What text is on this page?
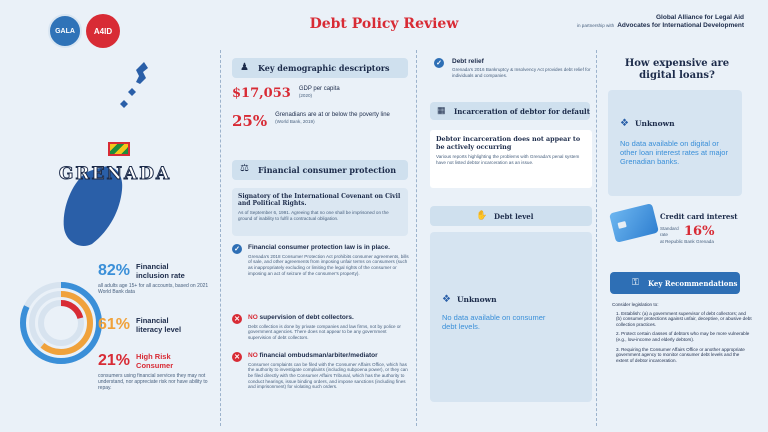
GALA A4ID	Debt Policy Review	Global Alliance for Legal Aid
in partnership with Advocates for International Development
GRENADA
82% Financial inclusion rate
all adults age 15+ for all accounts, based on 2021 World Bank data
61% Financial literacy level
21% High Risk Consumer
consumers using financial services they may not understand, nor appreciate risk nor have ability to repay.
♟ Key demographic descriptors
$17,053 GDP per capita
(2020)
25% Grenadians are at or below the poverty line
(World Bank, 2019)
⚖ Financial consumer protection
Signatory of the International Covenant on Civil and Political Rights.
As of September 6, 1991. Agreeing that no one shall be imprisoned on the ground of inability to fulfil a contractual obligation.
✓	Financial consumer protection law is in place.
Grenada's 2018 Consumer Protection Act prohibits consumer agreements, bills of sale, and other agreements from imposing unfair terms on consumers (such as inappropriately excluding or limiting the legal rights of the consumer or imposing an act of seizure of the consumer's property).
✕	NO supervision of debt collectors.
Debt collection is done by private companies and law firms, not by police or government agencies. There does not appear to be any government supervision of debt collectors.
✕	NO financial ombudsman/arbiter/mediator
Consumer complaints can be filed with the Consumer Affairs Office, which has the authority to investigate complaints (including subpoena power), or they can be filed directly with the Consumer Affairs Tribunal, which has the authority to conduct hearings, issue binding orders, and impose sanctions (including fines and imprisonment) for violating such orders.
✓	Debt relief
Grenada's 2016 Bankruptcy & Insolvency Act provides debt relief for individuals and companies.
▦ Incarceration of debtor for default
Debtor incarceration does not appear to be actively occurring
Various reports highlighting the problems with Grenada's penal system have not listed debtor incarceration as an issue.
✋ Debt level
❖ Unknown
No data available on consumer debt levels.
How expensive are digital loans?
❖ Unknown
No data available on digital or other loan interest rates at major Grenadian banks.
Credit card interest
Standard rate	16%
at Republic Bank Grenada
⚿ Key Recommendations
Consider legislation to:
1. Establish: (a) a government supervisor of debt collectors; and (b) consumer protections against unfair, deceptive, or abusive debt collection practices.
2. Protect certain classes of debtors who may be more vulnerable (e.g., low-income and elderly debtors).
3. Requiring the Consumer Affairs Office or another appropriate government agency to monitor consumer debt levels and the extent of debtor incarceration.
